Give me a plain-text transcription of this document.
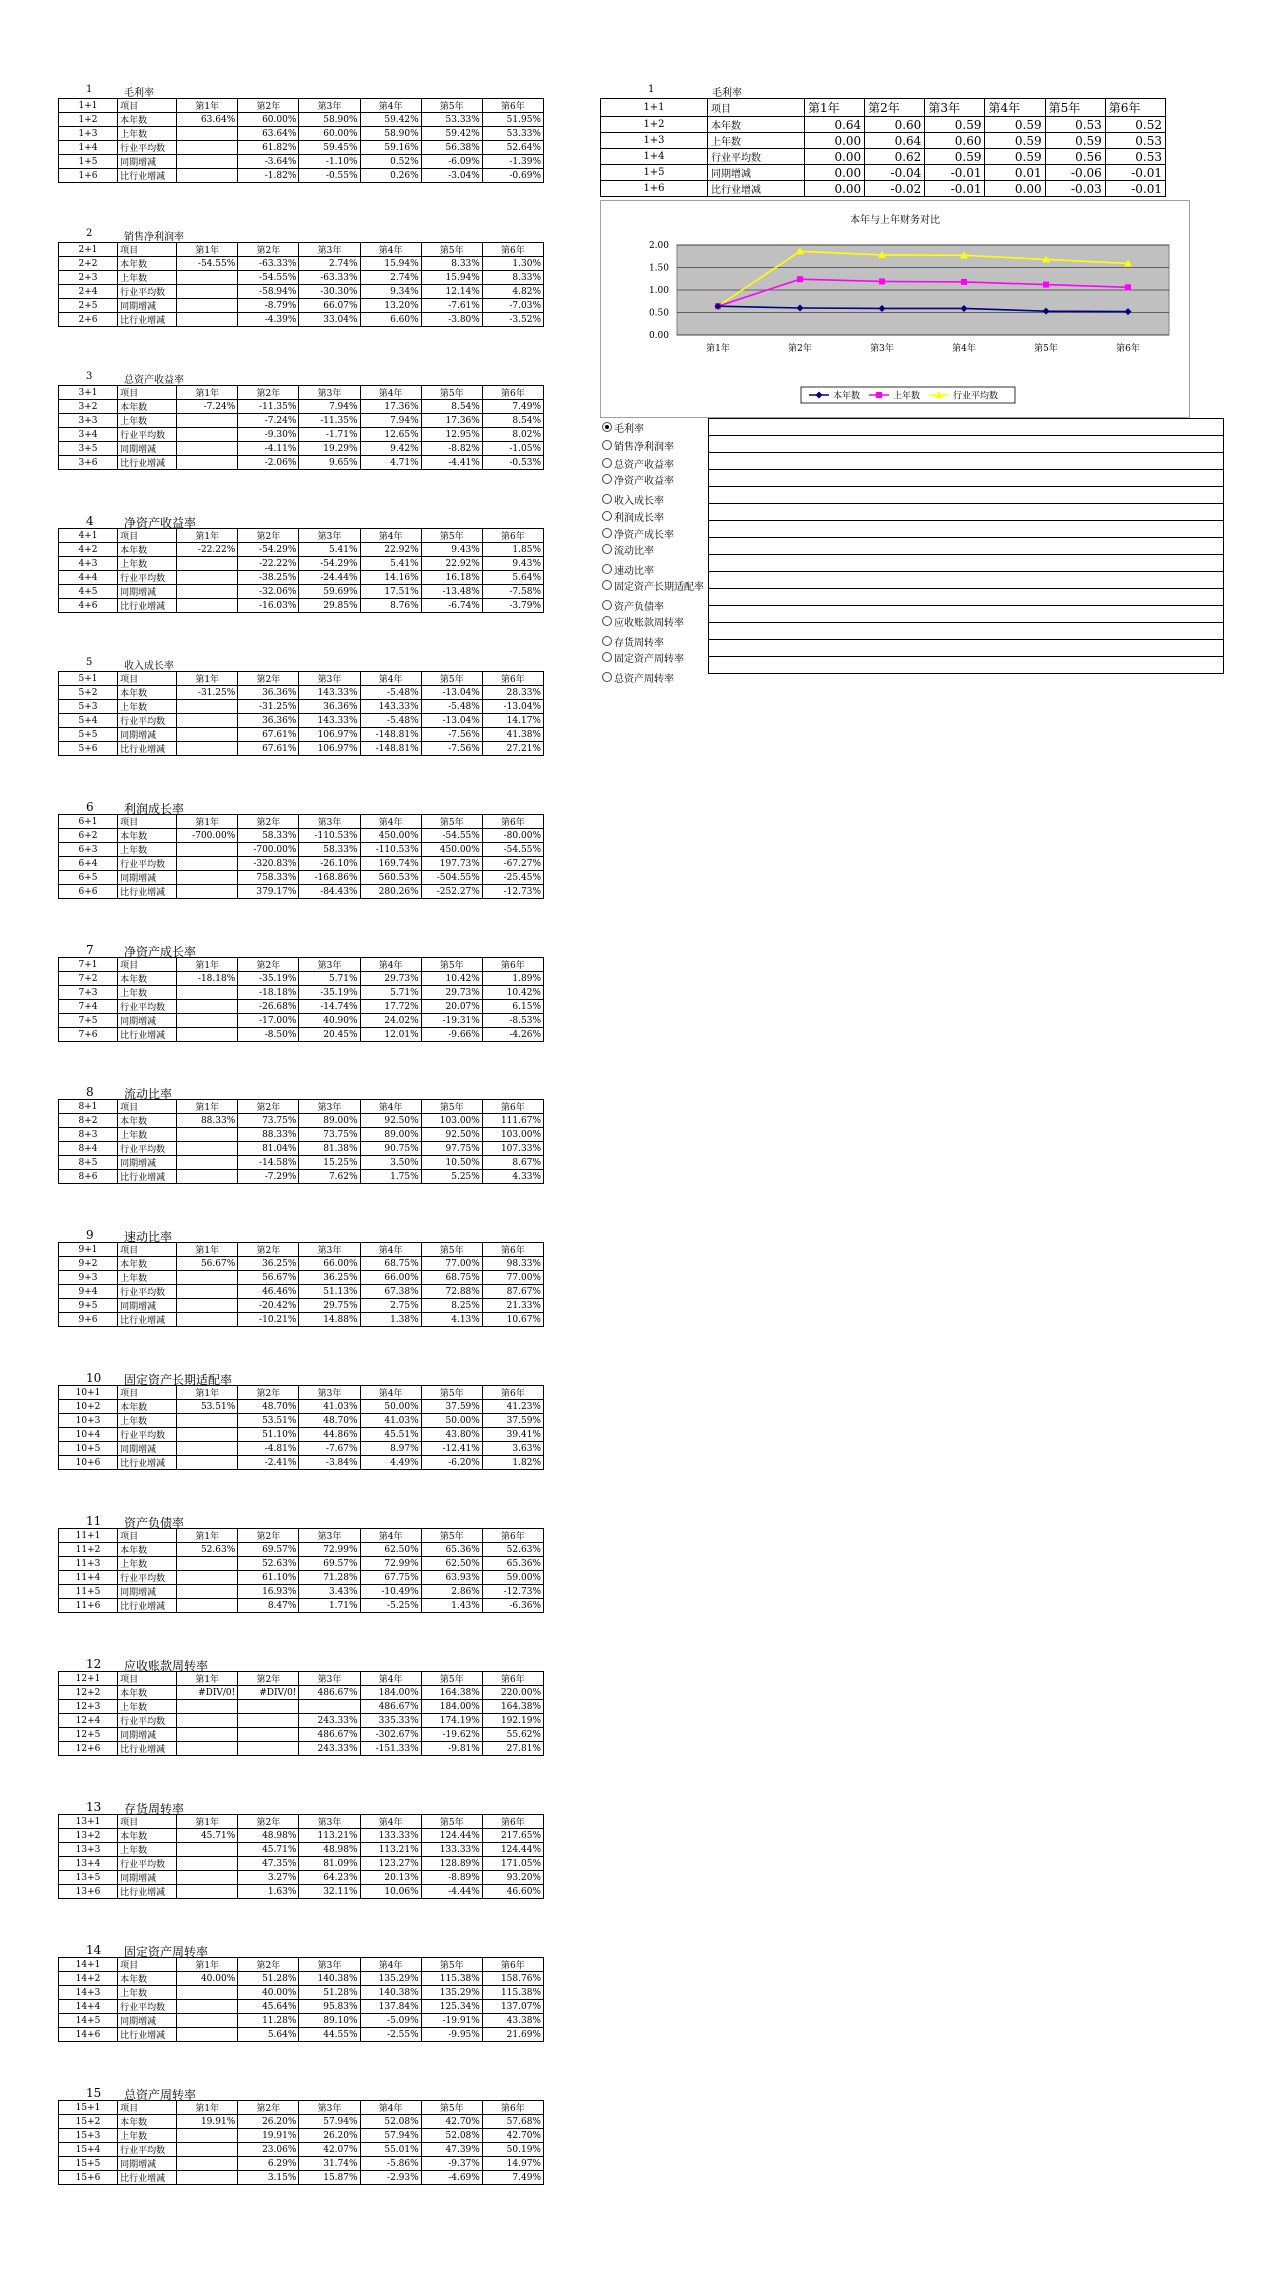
1	毛利率
1+1	项目	第1年	第2年	第3年	第4年	第5年	第6年
1+2	本年数	63.64%	60.00%	58.90%	59.42%	53.33%	51.95%
1+3	上年数		63.64%	60.00%	58.90%	59.42%	53.33%
1+4	行业平均数		61.82%	59.45%	59.16%	56.38%	52.64%
1+5	同期增减		-3.64%	-1.10%	0.52%	-6.09%	-1.39%
1+6	比行业增减		-1.82%	-0.55%	0.26%	-3.04%	-0.69%
2	销售净利润率
2+1	项目	第1年	第2年	第3年	第4年	第5年	第6年
2+2	本年数	-54.55%	-63.33%	2.74%	15.94%	8.33%	1.30%
2+3	上年数		-54.55%	-63.33%	2.74%	15.94%	8.33%
2+4	行业平均数		-58.94%	-30.30%	9.34%	12.14%	4.82%
2+5	同期增减		-8.79%	66.07%	13.20%	-7.61%	-7.03%
2+6	比行业增减		-4.39%	33.04%	6.60%	-3.80%	-3.52%
3	总资产收益率
3+1	项目	第1年	第2年	第3年	第4年	第5年	第6年
3+2	本年数	-7.24%	-11.35%	7.94%	17.36%	8.54%	7.49%
3+3	上年数		-7.24%	-11.35%	7.94%	17.36%	8.54%
3+4	行业平均数		-9.30%	-1.71%	12.65%	12.95%	8.02%
3+5	同期增减		-4.11%	19.29%	9.42%	-8.82%	-1.05%
3+6	比行业增减		-2.06%	9.65%	4.71%	-4.41%	-0.53%
4	净资产收益率
4+1	项目	第1年	第2年	第3年	第4年	第5年	第6年
4+2	本年数	-22.22%	-54.29%	5.41%	22.92%	9.43%	1.85%
4+3	上年数		-22.22%	-54.29%	5.41%	22.92%	9.43%
4+4	行业平均数		-38.25%	-24.44%	14.16%	16.18%	5.64%
4+5	同期增减		-32.06%	59.69%	17.51%	-13.48%	-7.58%
4+6	比行业增减		-16.03%	29.85%	8.76%	-6.74%	-3.79%
5	收入成长率
5+1	项目	第1年	第2年	第3年	第4年	第5年	第6年
5+2	本年数	-31.25%	36.36%	143.33%	-5.48%	-13.04%	28.33%
5+3	上年数		-31.25%	36.36%	143.33%	-5.48%	-13.04%
5+4	行业平均数		36.36%	143.33%	-5.48%	-13.04%	14.17%
5+5	同期增减		67.61%	106.97%	-148.81%	-7.56%	41.38%
5+6	比行业增减		67.61%	106.97%	-148.81%	-7.56%	27.21%
6	利润成长率
6+1	项目	第1年	第2年	第3年	第4年	第5年	第6年
6+2	本年数	-700.00%	58.33%	-110.53%	450.00%	-54.55%	-80.00%
6+3	上年数		-700.00%	58.33%	-110.53%	450.00%	-54.55%
6+4	行业平均数		-320.83%	-26.10%	169.74%	197.73%	-67.27%
6+5	同期增减		758.33%	-168.86%	560.53%	-504.55%	-25.45%
6+6	比行业增减		379.17%	-84.43%	280.26%	-252.27%	-12.73%
7	净资产成长率
7+1	项目	第1年	第2年	第3年	第4年	第5年	第6年
7+2	本年数	-18.18%	-35.19%	5.71%	29.73%	10.42%	1.89%
7+3	上年数		-18.18%	-35.19%	5.71%	29.73%	10.42%
7+4	行业平均数		-26.68%	-14.74%	17.72%	20.07%	6.15%
7+5	同期增减		-17.00%	40.90%	24.02%	-19.31%	-8.53%
7+6	比行业增减		-8.50%	20.45%	12.01%	-9.66%	-4.26%
8	流动比率
8+1	项目	第1年	第2年	第3年	第4年	第5年	第6年
8+2	本年数	88.33%	73.75%	89.00%	92.50%	103.00%	111.67%
8+3	上年数		88.33%	73.75%	89.00%	92.50%	103.00%
8+4	行业平均数		81.04%	81.38%	90.75%	97.75%	107.33%
8+5	同期增减		-14.58%	15.25%	3.50%	10.50%	8.67%
8+6	比行业增减		-7.29%	7.62%	1.75%	5.25%	4.33%
9	速动比率
9+1	项目	第1年	第2年	第3年	第4年	第5年	第6年
9+2	本年数	56.67%	36.25%	66.00%	68.75%	77.00%	98.33%
9+3	上年数		56.67%	36.25%	66.00%	68.75%	77.00%
9+4	行业平均数		46.46%	51.13%	67.38%	72.88%	87.67%
9+5	同期增减		-20.42%	29.75%	2.75%	8.25%	21.33%
9+6	比行业增减		-10.21%	14.88%	1.38%	4.13%	10.67%
10 固定资产长期适配率
10+1	项目	第1年	第2年	第3年	第4年	第5年	第6年
10+2	本年数	53.51%	48.70%	41.03%	50.00%	37.59%	41.23%
10+3	上年数		53.51%	48.70%	41.03%	50.00%	37.59%
10+4	行业平均数		51.10%	44.86%	45.51%	43.80%	39.41%
10+5	同期增减		-4.81%	-7.67%	8.97%	-12.41%	3.63%
10+6	比行业增减		-2.41%	-3.84%	4.49%	-6.20%	1.82%
11 资产负债率
11+1	项目	第1年	第2年	第3年	第4年	第5年	第6年
11+2	本年数	52.63%	69.57%	72.99%	62.50%	65.36%	52.63%
11+3	上年数		52.63%	69.57%	72.99%	62.50%	65.36%
11+4	行业平均数		61.10%	71.28%	67.75%	63.93%	59.00%
11+5	同期增减		16.93%	3.43%	-10.49%	2.86%	-12.73%
11+6	比行业增减		8.47%	1.71%	-5.25%	1.43%	-6.36%
12 应收账款周转率
12+1	项目	第1年	第2年	第3年	第4年	第5年	第6年
12+2	本年数	#DIV/0!	#DIV/0!	486.67%	184.00%	164.38%	220.00%
12+3	上年数				486.67%	184.00%	164.38%
12+4	行业平均数			243.33%	335.33%	174.19%	192.19%
12+5	同期增减			486.67%	-302.67%	-19.62%	55.62%
12+6	比行业增减			243.33%	-151.33%	-9.81%	27.81%
13 存货周转率
13+1	项目	第1年	第2年	第3年	第4年	第5年	第6年
13+2	本年数	45.71%	48.98%	113.21%	133.33%	124.44%	217.65%
13+3	上年数		45.71%	48.98%	113.21%	133.33%	124.44%
13+4	行业平均数		47.35%	81.09%	123.27%	128.89%	171.05%
13+5	同期增减		3.27%	64.23%	20.13%	-8.89%	93.20%
13+6	比行业增减		1.63%	32.11%	10.06%	-4.44%	46.60%
14 固定资产周转率
14+1	项目	第1年	第2年	第3年	第4年	第5年	第6年
14+2	本年数	40.00%	51.28%	140.38%	135.29%	115.38%	158.76%
14+3	上年数		40.00%	51.28%	140.38%	135.29%	115.38%
14+4	行业平均数		45.64%	95.83%	137.84%	125.34%	137.07%
14+5	同期增减		11.28%	89.10%	-5.09%	-19.91%	43.38%
14+6	比行业增减		5.64%	44.55%	-2.55%	-9.95%	21.69%
15 总资产周转率
15+1	项目	第1年	第2年	第3年	第4年	第5年	第6年
15+2	本年数	19.91%	26.20%	57.94%	52.08%	42.70%	57.68%
15+3	上年数		19.91%	26.20%	57.94%	52.08%	42.70%
15+4	行业平均数		23.06%	42.07%	55.01%	47.39%	50.19%
15+5	同期增减		6.29%	31.74%	-5.86%	-9.37%	14.97%
15+6	比行业增减		3.15%	15.87%	-2.93%	-4.69%	7.49%
1	毛利率
1+1	项目	第1年	第2年	第3年	第4年	第5年	第6年
1+2	本年数	0.64	0.60	0.59	0.59	0.53	0.52
1+3	上年数	0.00	0.64	0.60	0.59	0.59	0.53
1+4	行业平均数	0.00	0.62	0.59	0.59	0.56	0.53
1+5	同期增减	0.00	-0.04	-0.01	0.01	-0.06	-0.01
1+6	比行业增减	0.00	-0.02	-0.01	0.00	-0.03	-0.01
本年与上年财务对比
0.00
0.50
1.00
1.50
2.00
第1年	第2年	第3年	第4年	第5年	第6年
本年数	上年数	行业平均数

毛利率
销售净利润率
总资产收益率
净资产收益率
收入成长率
利润成长率
净资产成长率
流动比率
速动比率
固定资产长期适配率
资产负债率
应收账款周转率
存货周转率
固定资产周转率
总资产周转率
